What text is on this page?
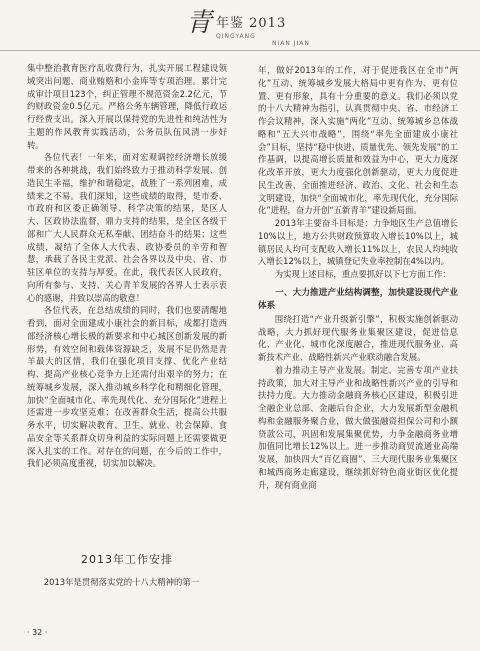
青 年鉴 2013
QINGYANG
NIAN JIAN

集中整治教育医疗乱收费行为，扎实开展工程建设领域突出问题、商业贿赂和小金库等专项治理。累计完成审计项目123个，纠正管理不规范资金2.2亿元，节约财政资金0.5亿元。严格公务车辆管理，降低行政运行经费支出。深入开展以保持党的先进性和纯洁性为主题的作风教育实践活动，公务员队伍风清一步好转。

各位代表！一年来，面对宏观调控经济增长放缓带来的各种挑战，我们始终致力于推动科学发展、创造民生幸福，维护和谐稳定，战胜了一系列困难，成绩来之不易。我们深知，这些成绩的取得，是市委、市政府和区委正确领导、科学决策的结果，是区人大、区政协法监督，鼎力支持的结果，是全区各级干部和广大人民群众无私奉献、团结奋斗的结果；这些成绩，凝结了全体人大代表、政协委员的辛劳和智慧，承载了各民主党派、社会各界以及中央、省、市驻区单位的支持与厚爱。在此，我代表区人民政府，向所有参与、支持、关心青羊发展的各界人士表示衷心的感谢，并致以崇高的敬意！

各位代表，在总结成绩的同时，我们也要清醒地看到，面对全面建成小康社会的新目标，成都打造西部经济核心增长极的新要求和中心城区创新发展的新形势，有效空间和载体资源缺乏，发展不足仍然是青羊最大的区情，我们在强化项目支撑、优化产业结构、提高产业核心竞争力上还需付出艰辛的努力；在统筹城乡发展，深入推动城乡科学化和精细化管理，加快“全面城市化、率先现代化、充分国际化”进程上还需进一步攻坚克难；在改善群众生活，提高公共服务水平，切实解决教育、卫生、就业、社会保障、食品安全等关系群众切身利益的实际问题上还需要做更深入扎实的工作。对存在的问题，在今后的工作中，我们必须高度重视，切实加以解决。

2013年工作安排

2013年是贯彻落实党的十八大精神的第一

年，做好2013年的工作，对于促进我区在全市“两化”互动、统筹城乡发展大格局中更有作为、更有位置、更有形象，具有十分重要的意义。我们必须以党的十八大精神为指引，认真贯彻中央、省、市经济工作会议精神，深入实施“两化”互动、统筹城乡总体战略和“五大兴市战略”，围绕“率先全面建成小康社会”目标，坚持“稳中快进、质量优先、领先发展”的工作基调，以提高增长质量和效益为中心，更大力度深化改革开放，更大力度强化创新驱动，更大力度促进民生改善，全面推进经济、政治、文化、社会和生态文明建设，加快“全面城市化，率先现代化，充分国际化”进程，奋力开创“五新青羊”建设新局面。

2013年主要奋斗目标是：力争地区生产总值增长10%以上，地方公共财政预算收入增长10%以上，城镇居民人均可支配收入增长11%以上，农民人均纯收入增长12%以上，城镇登记失业率控制在4%以内。

为实现上述目标，重点要抓好以下七方面工作：

一、大力推进产业结构调整，加快建设现代产业体系

围绕打造“产业升级新引擎”，积极实施创新驱动战略，大力抓好现代服务业集聚区建设，促进信息化、产业化、城市化深度融合，推进现代服务业、高新技术产业、战略性新兴产业联动融合发展。

着力推动主导产业发展。制定、完善专项产业扶持政策，加大对主导产业和战略性新兴产业的引导和扶持力度。大力推动金融商务核心区建设，积极引进全融企业总部、金融后台企业，大力发展新型金融机构和金融服务聚合业，做大做强融资担保公司和小额贷款公司，巩固和发展集聚优势，力争金融商务业增加值同比增长12%以上。进一步推动商贸流通业高端发展，加快四大“百亿商圈”、三大现代服务业集聚区和城西商务走廊建设，继续抓好特色商业街区优化提升，现有商业商

· 32 ·
